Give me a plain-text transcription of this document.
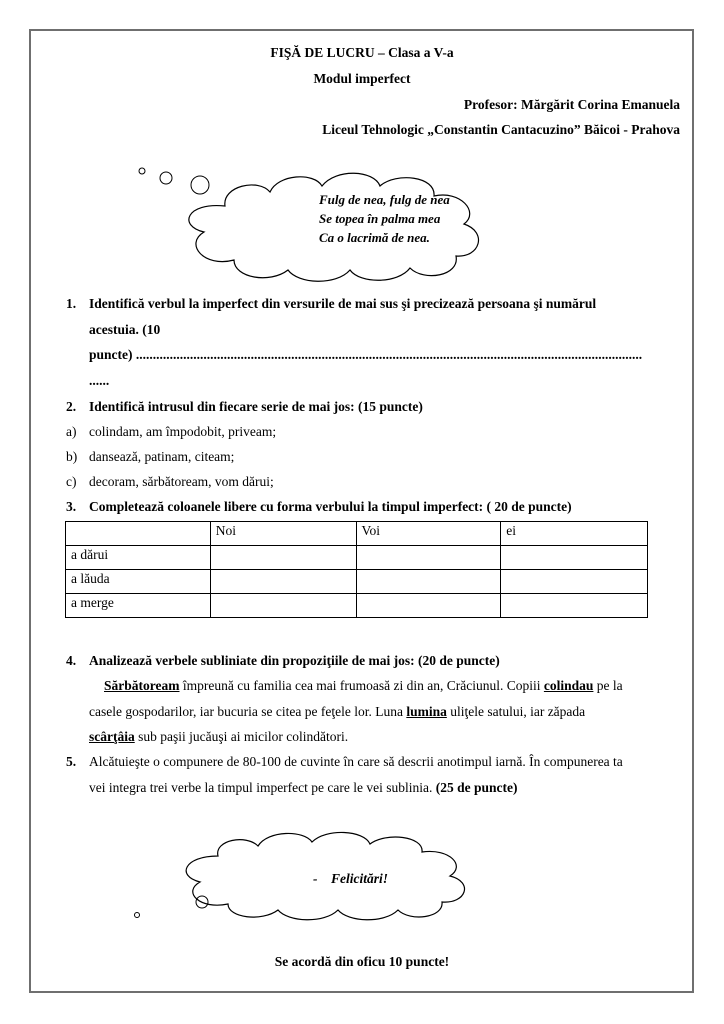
FIŞĂ DE LUCRU – Clasa a V-a
Modul imperfect
Profesor: Mărgărit Corina Emanuela
Liceul Tehnologic „Constantin Cantacuzino” Băicoi - Prahova
Fulg de nea, fulg de nea
Se topea în palma mea
Ca o lacrimă de nea.
1. Identifică verbul la imperfect din versurile de mai sus şi precizează persoana şi numărul
acestuia. (10
puncte) ......................................................................................................................................................
......
2. Identifică intrusul din fiecare serie de mai jos: (15 puncte)
a) colindam, am împodobit, priveam;
b) dansează, patinam, citeam;
c) decoram, sărbătoream, vom dărui;
3. Completează coloanele libere cu forma verbului la timpul imperfect: ( 20 de puncte)
	Noi	Voi	ei
a dărui			
a lăuda			
a merge			
4. Analizează verbele subliniate din propoziţiile de mai jos: (20 de puncte)
Sărbătoream împreună cu familia cea mai frumoasă zi din an, Crăciunul. Copiii colindau pe la
casele gospodarilor, iar bucuria se citea pe feţele lor. Luna lumina uliţele satului, iar zăpada
scârţâia sub paşii jucăuşi ai micilor colindători.
5. Alcătuieşte o compunere de 80-100 de cuvinte în care să descrii anotimpul iarnă. În compunerea ta
vei integra trei verbe la timpul imperfect pe care le vei sublinia. (25 de puncte)
-    Felicitări!
Se acordă din oficu 10 puncte!
